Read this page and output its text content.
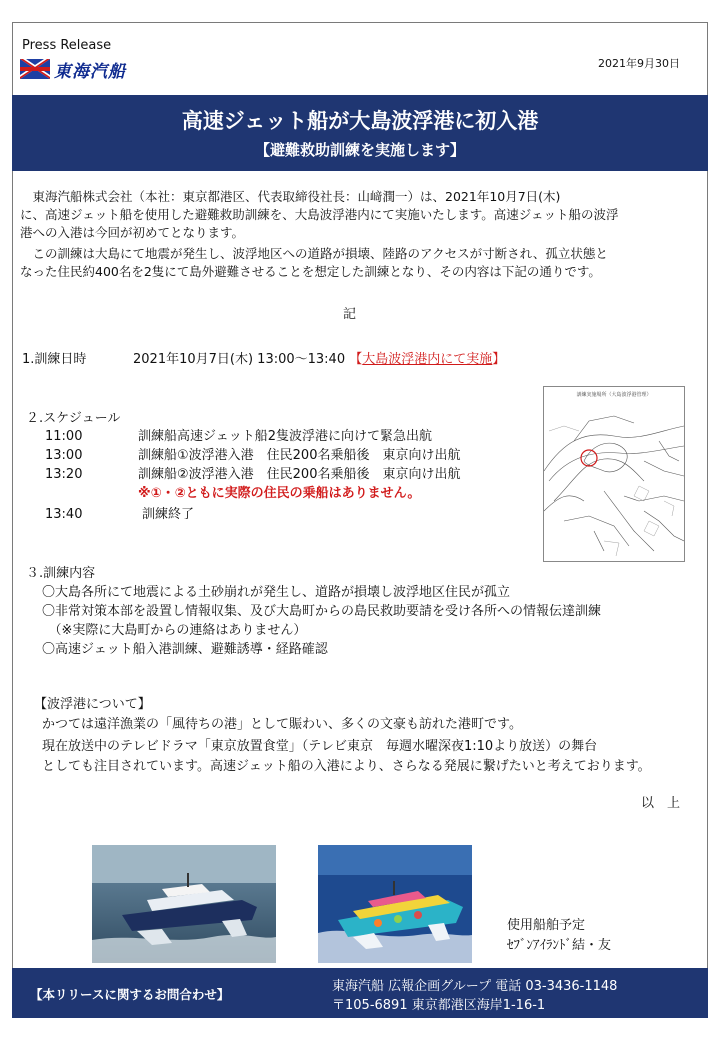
Press Release
東海汽船	2021年9月30日
高速ジェット船が大島波浮港に初入港
【避難救助訓練を実施します】
　東海汽船株式会社（本社：東京都港区、代表取締役社長：山﨑潤一）は、2021年10月7日(木)
に、高速ジェット船を使用した避難救助訓練を、大島波浮港内にて実施いたします。高速ジェット船の波浮
港への入港は今回が初めてとなります。
　この訓練は大島にて地震が発生し、波浮地区への道路が損壊、陸路のアクセスが寸断され、孤立状態と
なった住民約400名を2隻にて島外避難させることを想定した訓練となり、その内容は下記の通りです。
記
1.訓練日時	2021年10月7日(木) 13:00～13:40 【大島波浮港内にて実施】
２.スケジュール
11:00	訓練船高速ジェット船2隻波浮港に向けて緊急出航
13:00	訓練船①波浮港入港　住民200名乗船後　東京向け出航
13:20	訓練船②波浮港入港　住民200名乗船後　東京向け出航
※①・②ともに実際の住民の乗船はありません。
13:40	訓練終了
訓練実施場所（大島波浮港管理）
３.訓練内容
〇大島各所にて地震による土砂崩れが発生し、道路が損壊し波浮地区住民が孤立
〇非常対策本部を設置し情報収集、及び大島町からの島民救助要請を受け各所への情報伝達訓練
　（※実際に大島町からの連絡はありません）
〇高速ジェット船入港訓練、避難誘導・経路確認
【波浮港について】
かつては遠洋漁業の「風待ちの港」として賑わい、多くの文豪も訪れた港町です。
現在放送中のテレビドラマ「東京放置食堂」（テレビ東京　毎週水曜深夜1:10より放送）の舞台
としても注目されています。高速ジェット船の入港により、さらなる発展に繋げたいと考えております。
以　上
使用船舶予定
ｾﾌﾞﾝｱｲﾗﾝﾄﾞ結・友
【本リリースに関するお問合わせ】
東海汽船 広報企画グループ 電話 03-3436-1148
〒105-6891 東京都港区海岸1-16-1
